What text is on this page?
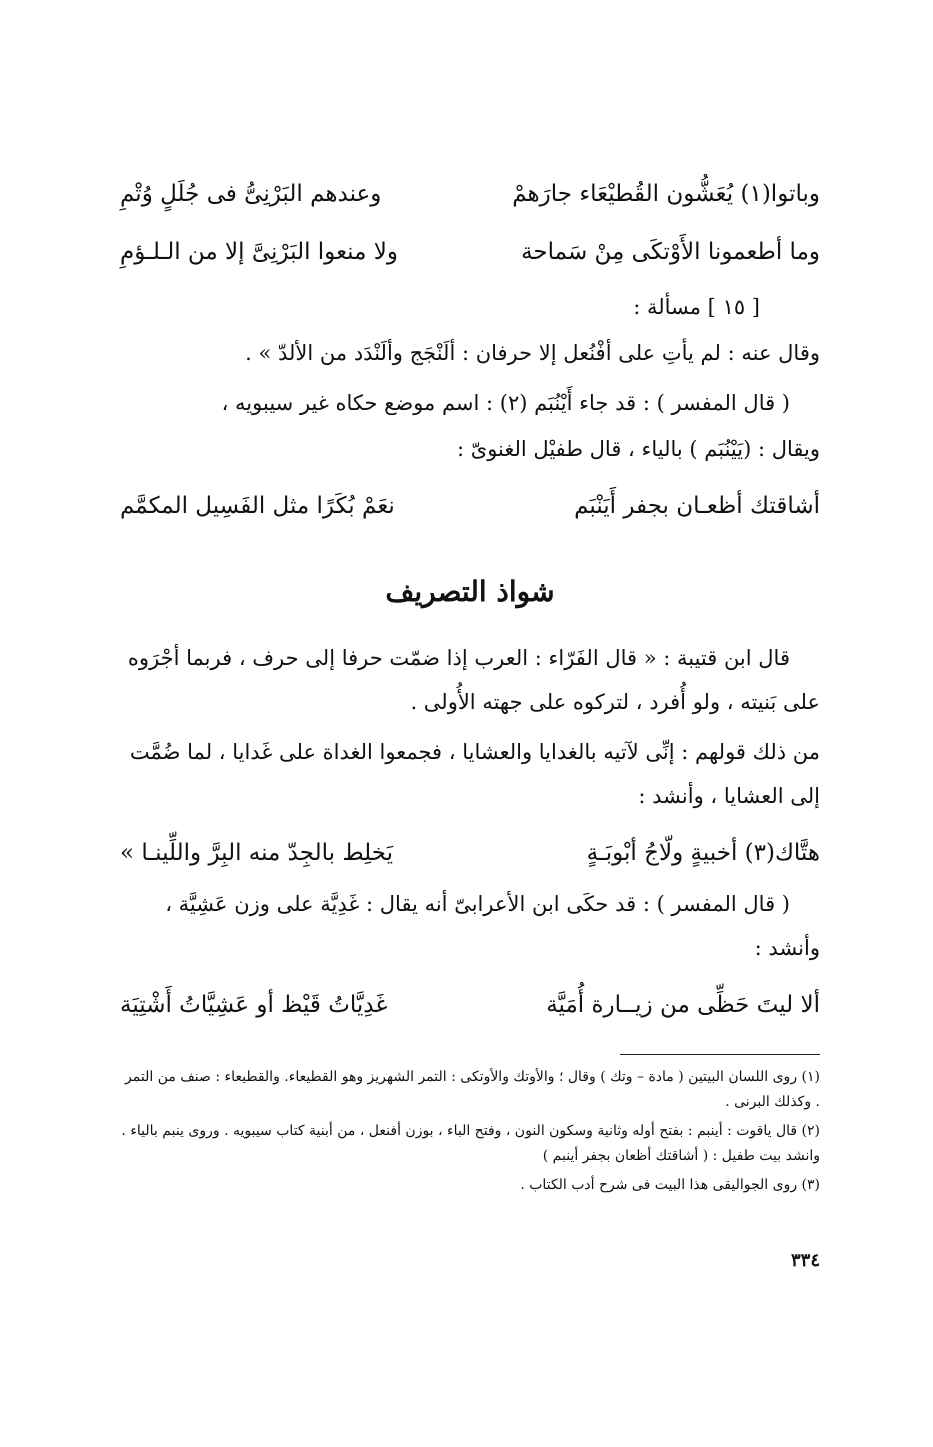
وباتوا(١) يُعَشُّون القُطيْعَاء جارَهمْ
وعندهم البَرْنِىُّ فى جُلَلٍ وُتْمِ
وما أطعمونا الأَوْتكَى مِنْ سَماحة
ولا منعوا البَرْنِىَّ إلا من الـلـؤمِ
[ ١٥ ] مسألة :
وقال عنه : لم يأتِ على أفْنُعل إلا حرفان : ألَنْجَج وألَنْدَد من الألدّ » .
( قال المفسر ) : قد جاء أَيْنُبَم (٢) : اسم موضع حكاه غير سيبويه ،
ويقال : (يَيْنُبَم ) بالياء ، قال طفيْل الغنوىّ :
أشاقتك أظعـان بجفر أَيَنْبَم
نعَمْ بُكَرًا مثل الفَسِيل المكمَّم
شواذ التصريف
قال ابن قتيبة : « قال الفَرّاء : العرب إذا ضمّت حرفا إلى حرف ، فربما أجْرَوه على بَنيته ، ولو أُفرد ، لتركوه على جهته الأُولى .
من ذلك قولهم : إنِّى لآتيه بالغدايا والعشايا ، فجمعوا الغداة على غَدايا ، لما ضُمَّت إلى العشايا ، وأنشد :
هتَّاك(٣) أخبيةٍ ولّاجُ أبْوبَـةٍ
يَخلِط بالجِدّ منه البِرَّ واللِّينـا »
( قال المفسر ) : قد حكَى ابن الأعرابىّ أنه يقال : غَدِيَّة على وزن عَشِيَّة ، وأنشد :
ألا ليتَ حَظِّى من زيــارة أُمَيَّة
غَدِيَّاتُ قَيْظ أو عَشِيَّاتُ أَشْتِيَة
(١) روى اللسان البيتين ( مادة – وتك ) وقال ؛ والأوتك والأوتكى : التمر الشهريز وهو القطيعاء. والقطيعاء : صنف من التمر . وكذلك البرنى .
(٢) قال ياقوت : أينبم : بفتح أوله وثانية وسكون النون ، وفتح الباء ، بوزن أفنعل ، من أبنية كتاب سيبويه . وروى ينبم بالياء . وانشد بيت طفيل : ( أشاقتك أظعان بجفر أينبم )
(٣) روى الجواليقى هذا البيت فى شرح أدب الكتاب .
٣٣٤
